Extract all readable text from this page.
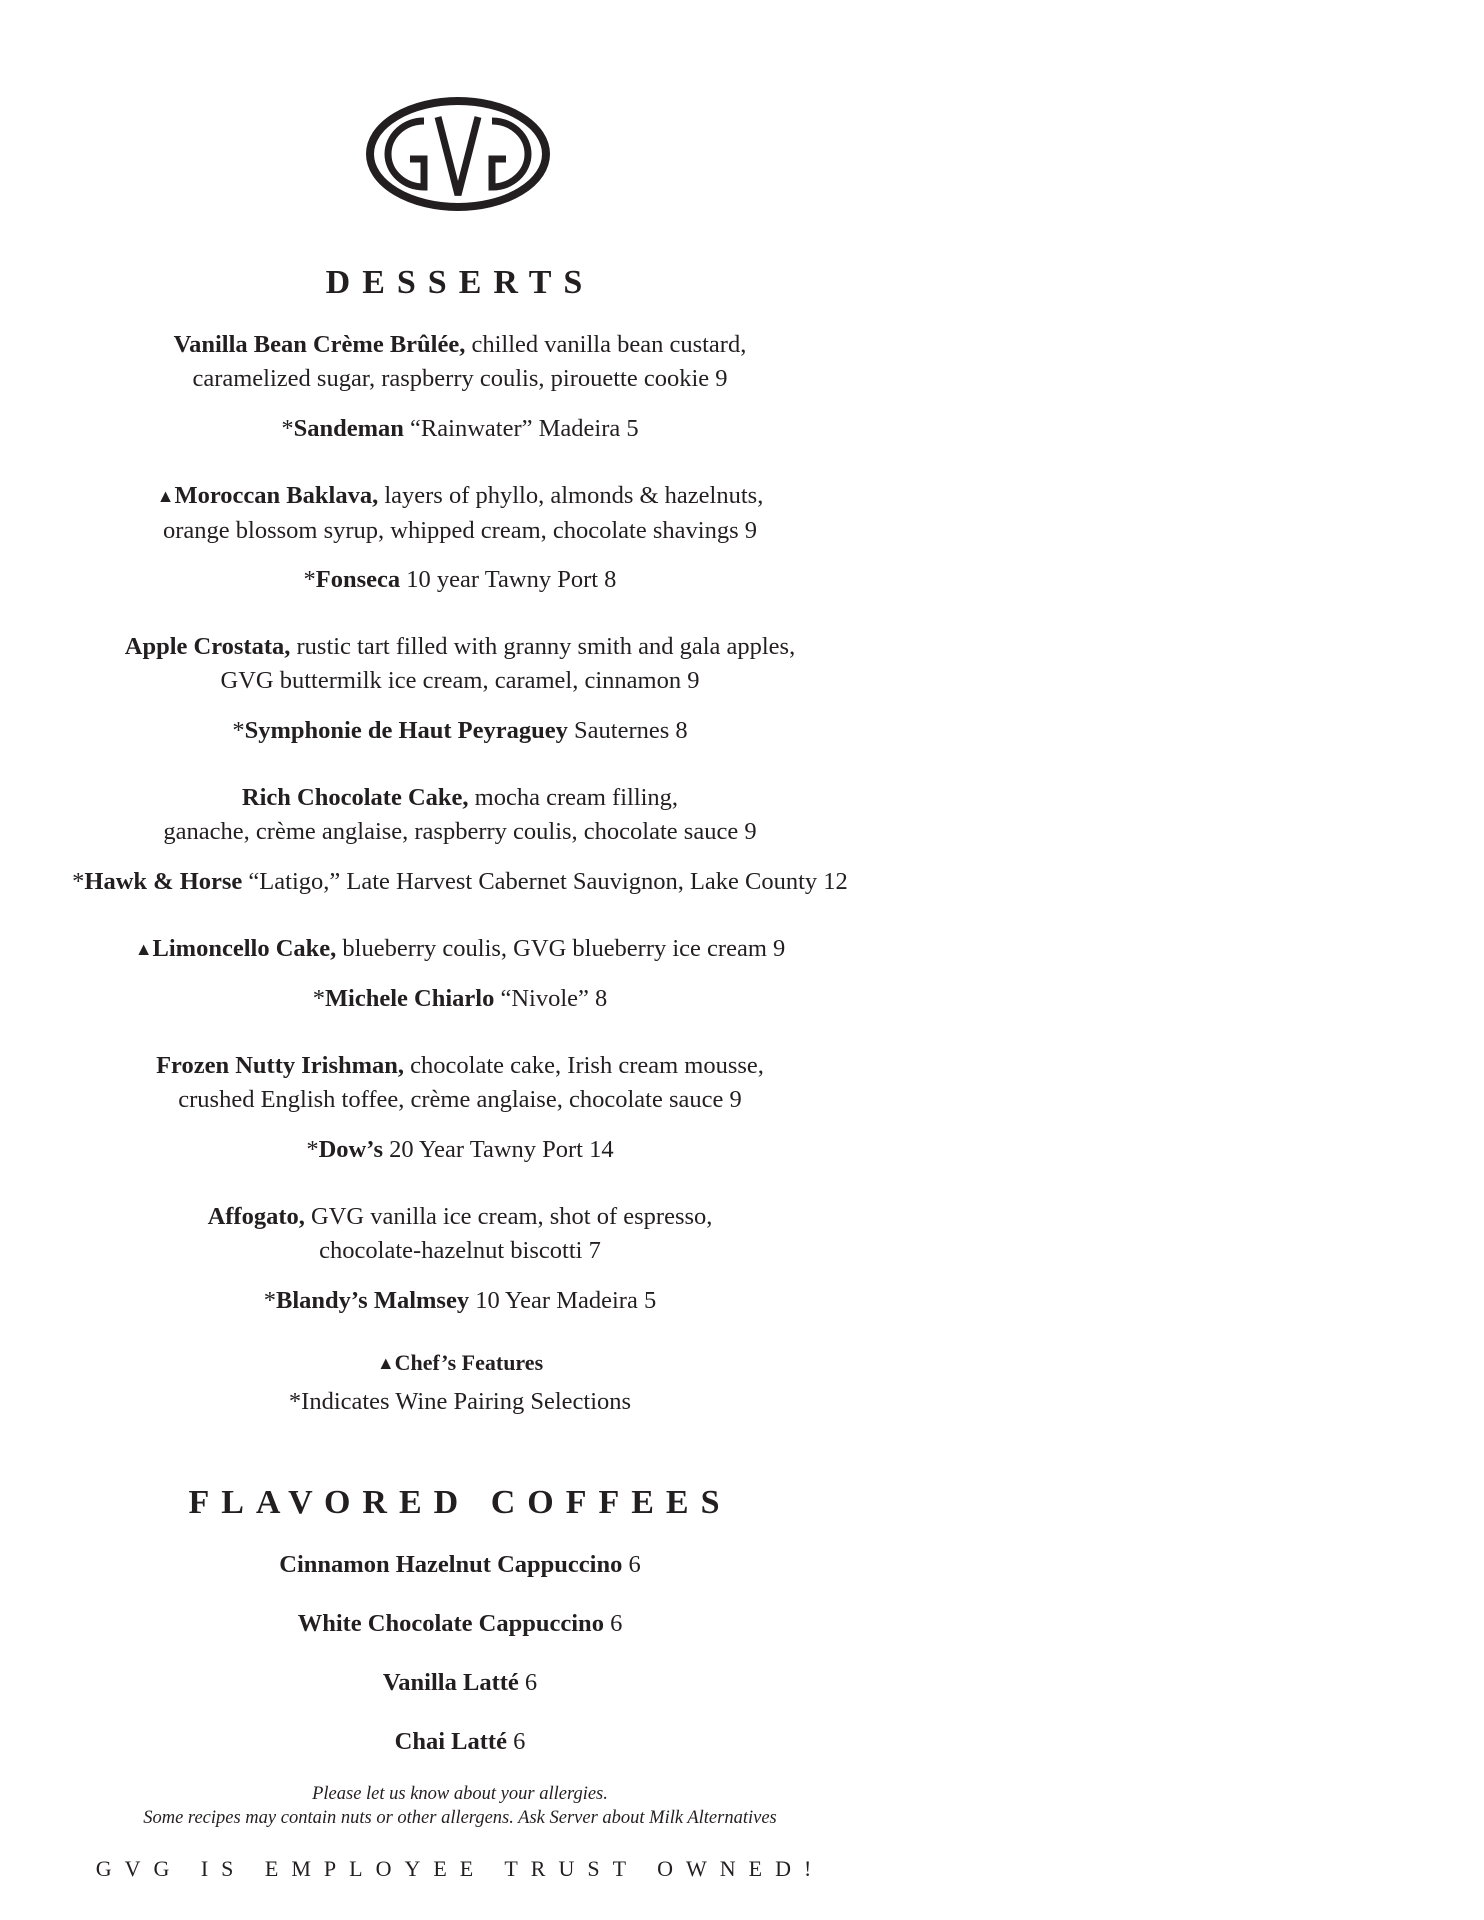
DESSERTS
Vanilla Bean Crème Brûlée, chilled vanilla bean custard,
caramelized sugar, raspberry coulis, pirouette cookie 9
*Sandeman “Rainwater” Madeira 5
▲Moroccan Baklava, layers of phyllo, almonds & hazelnuts,
orange blossom syrup, whipped cream, chocolate shavings 9
*Fonseca 10 year Tawny Port 8
Apple Crostata, rustic tart filled with granny smith and gala apples,
GVG buttermilk ice cream, caramel, cinnamon 9
*Symphonie de Haut Peyraguey Sauternes 8
Rich Chocolate Cake, mocha cream filling,
ganache, crème anglaise, raspberry coulis, chocolate sauce 9
*Hawk & Horse “Latigo,” Late Harvest Cabernet Sauvignon, Lake County 12
▲Limoncello Cake, blueberry coulis, GVG blueberry ice cream 9
*Michele Chiarlo “Nivole” 8
Frozen Nutty Irishman, chocolate cake, Irish cream mousse,
crushed English toffee, crème anglaise, chocolate sauce 9
*Dow’s 20 Year Tawny Port 14
Affogato, GVG vanilla ice cream, shot of espresso,
chocolate-hazelnut biscotti 7
*Blandy’s Malmsey 10 Year Madeira 5
▲Chef’s Features
*Indicates Wine Pairing Selections
FLAVORED COFFEES
Cinnamon Hazelnut Cappuccino 6
White Chocolate Cappuccino 6
Vanilla Latté 6
Chai Latté 6
Please let us know about your allergies.
Some recipes may contain nuts or other allergens. Ask Server about Milk Alternatives
GVG IS EMPLOYEE TRUST OWNED!
